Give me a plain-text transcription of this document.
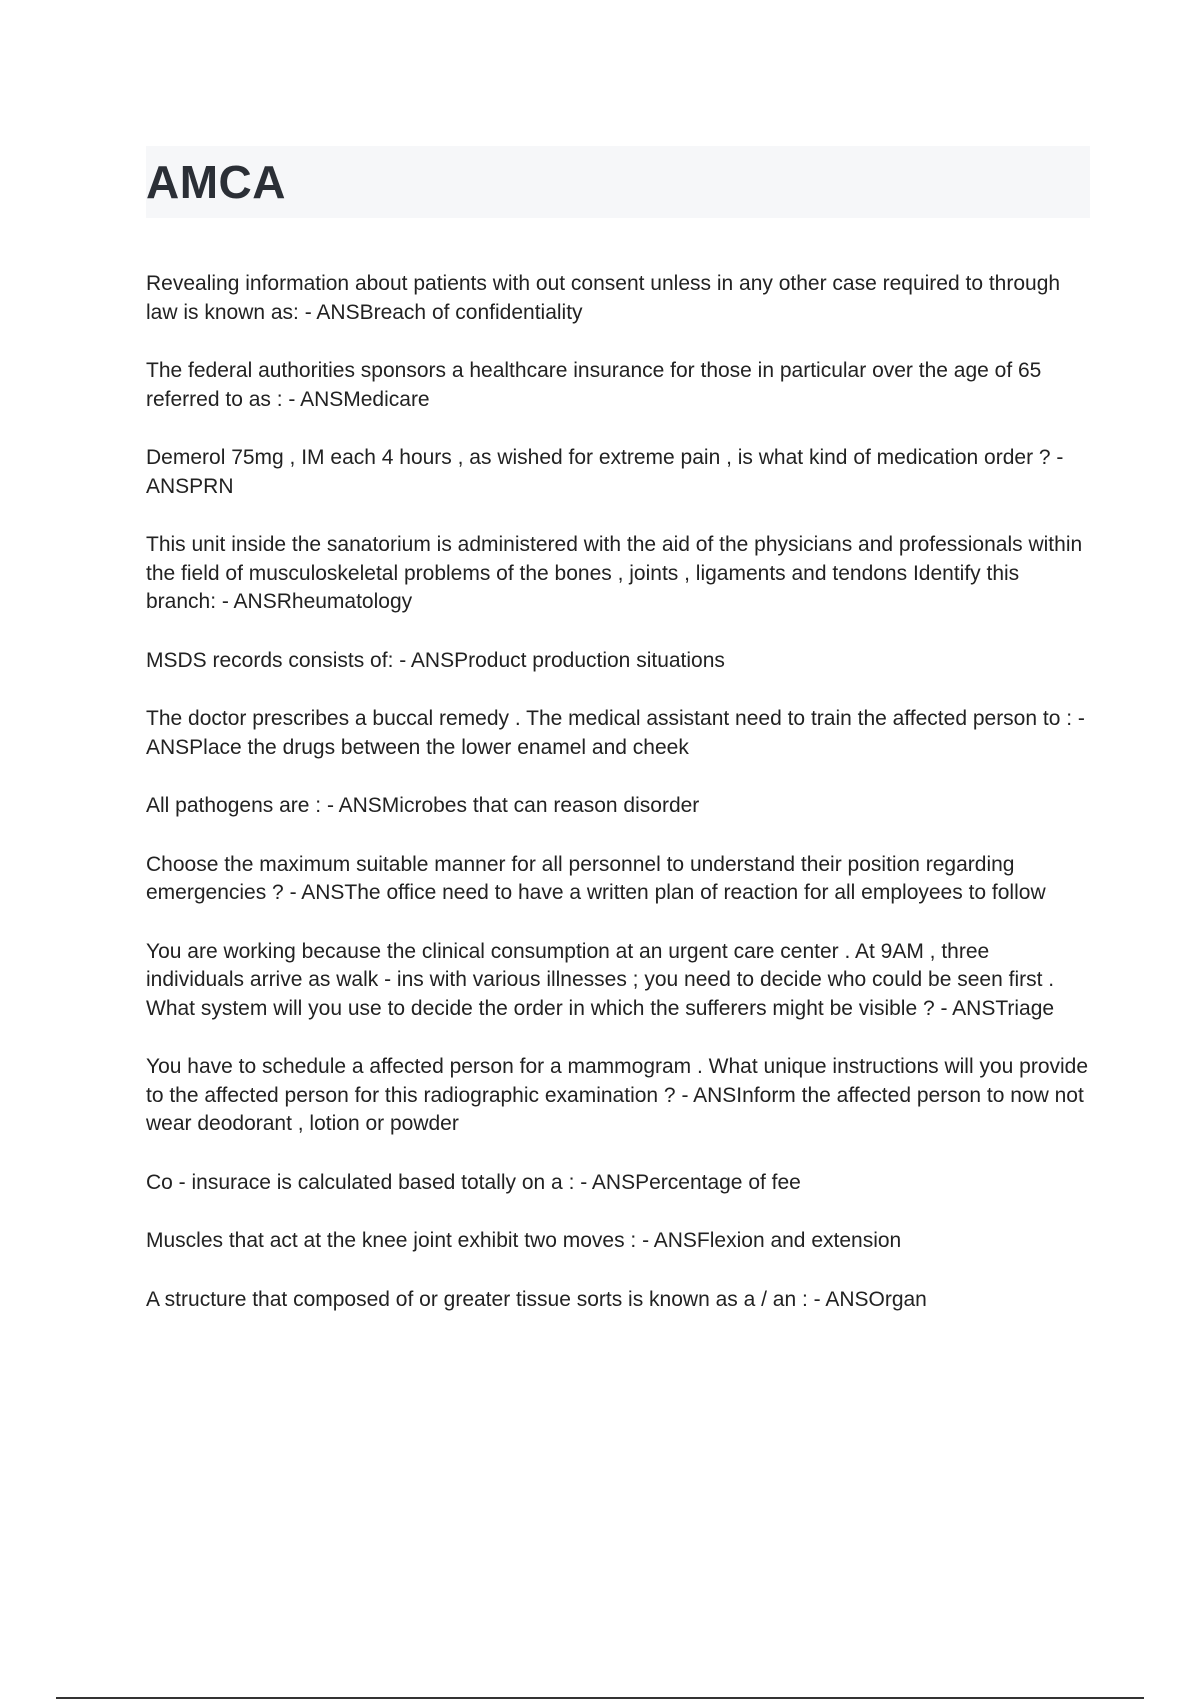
AMCA
Revealing information about patients with out consent unless in any other case required to through law is known as: - ANSBreach of confidentiality
The federal authorities sponsors a healthcare insurance for those in particular over the age of 65 referred to as : - ANSMedicare
Demerol 75mg , IM each 4 hours , as wished for extreme pain , is what kind of medication order ? - ANSPRN
This unit inside the sanatorium is administered with the aid of the physicians and professionals within the field of musculoskeletal problems of the bones , joints , ligaments and tendons Identify this branch: - ANSRheumatology
MSDS records consists of: - ANSProduct production situations
The doctor prescribes a buccal remedy . The medical assistant need to train the affected person to : - ANSPlace the drugs between the lower enamel and cheek
All pathogens are : - ANSMicrobes that can reason disorder
Choose the maximum suitable manner for all personnel to understand their position regarding emergencies ? - ANSThe office need to have a written plan of reaction for all employees to follow
You are working because the clinical consumption at an urgent care center . At 9AM , three individuals arrive as walk - ins with various illnesses ; you need to decide who could be seen first . What system will you use to decide the order in which the sufferers might be visible ? - ANSTriage
You have to schedule a affected person for a mammogram . What unique instructions will you provide to the affected person for this radiographic examination ? - ANSInform the affected person to now not wear deodorant , lotion or powder
Co - insurace is calculated based totally on a : - ANSPercentage of fee
Muscles that act at the knee joint exhibit two moves : - ANSFlexion and extension
A structure that composed of or greater tissue sorts is known as a / an : - ANSOrgan
